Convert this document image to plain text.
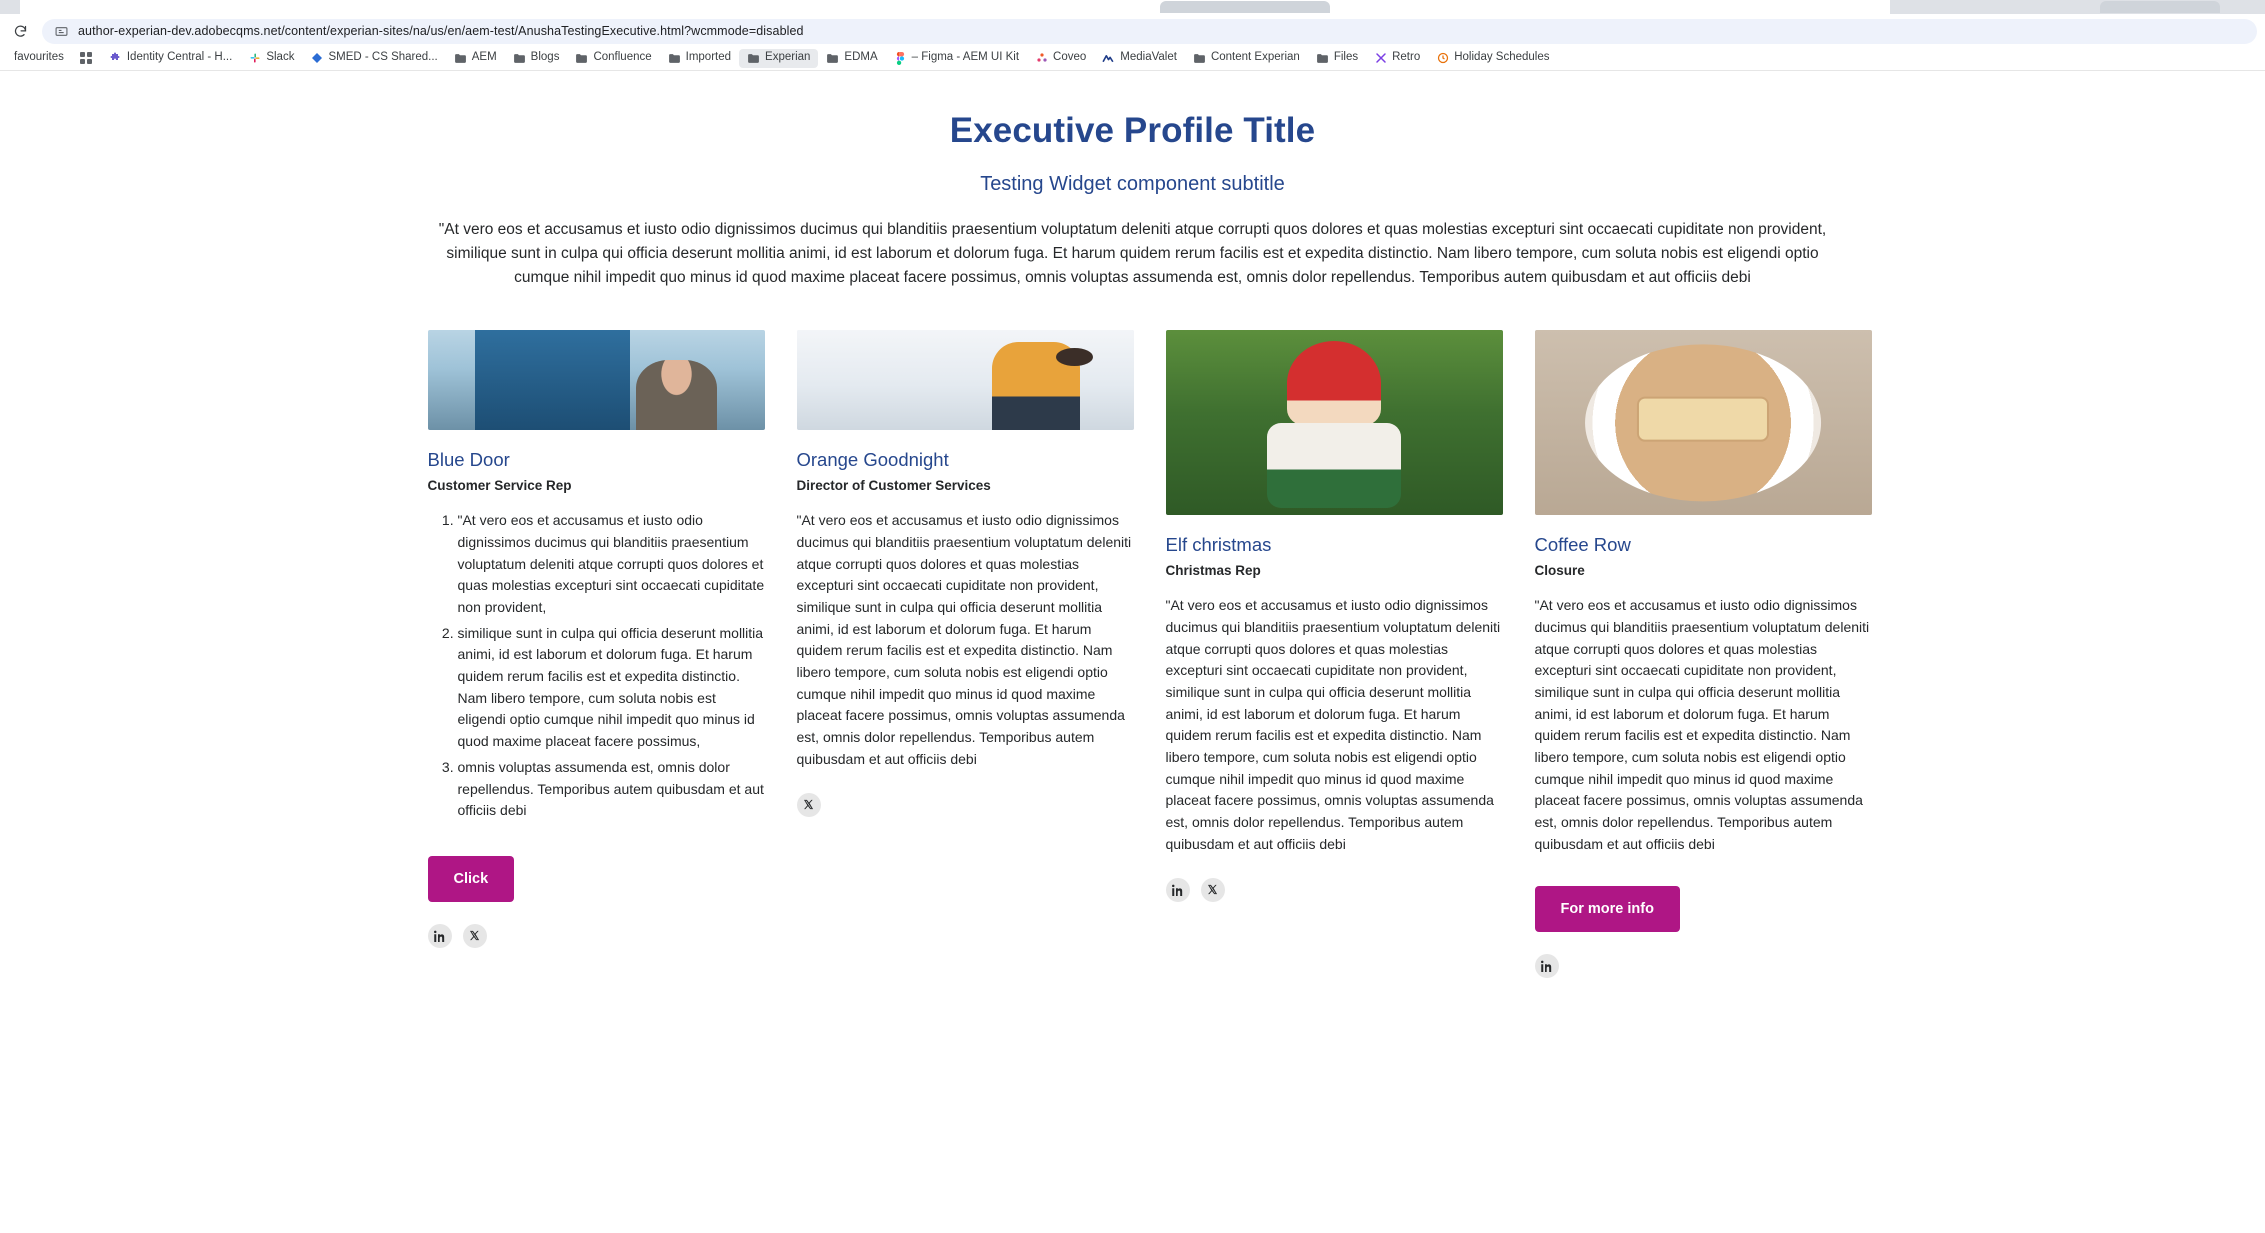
author-experian-dev.adobecqms.net/content/experian-sites/na/us/en/aem-test/AnushaTestingExecutive.html?wcmmode=disabled
favourites	Identity Central - H...	Slack	SMED - CS Shared...	AEM	Blogs	Confluence	Imported	Experian	EDMA	– Figma - AEM UI Kit	Coveo	MediaValet	Content Experian	Files	Retro	Holiday Schedules
Executive Profile Title
Testing Widget component subtitle
"At vero eos et accusamus et iusto odio dignissimos ducimus qui blanditiis praesentium voluptatum deleniti atque corrupti quos dolores et quas molestias excepturi sint occaecati cupiditate non provident, similique sunt in culpa qui officia deserunt mollitia animi, id est laborum et dolorum fuga. Et harum quidem rerum facilis est et expedita distinctio. Nam libero tempore, cum soluta nobis est eligendi optio cumque nihil impedit quo minus id quod maxime placeat facere possimus, omnis voluptas assumenda est, omnis dolor repellendus. Temporibus autem quibusdam et aut officiis debi
Blue Door
Customer Service Rep
1. "At vero eos et accusamus et iusto odio dignissimos ducimus qui blanditiis praesentium voluptatum deleniti atque corrupti quos dolores et quas molestias excepturi sint occaecati cupiditate non provident,
2. similique sunt in culpa qui officia deserunt mollitia animi, id est laborum et dolorum fuga. Et harum quidem rerum facilis est et expedita distinctio. Nam libero tempore, cum soluta nobis est eligendi optio cumque nihil impedit quo minus id quod maxime placeat facere possimus,
3. omnis voluptas assumenda est, omnis dolor repellendus. Temporibus autem quibusdam et aut officiis debi
Click
Orange Goodnight
Director of Customer Services
"At vero eos et accusamus et iusto odio dignissimos ducimus qui blanditiis praesentium voluptatum deleniti atque corrupti quos dolores et quas molestias excepturi sint occaecati cupiditate non provident, similique sunt in culpa qui officia deserunt mollitia animi, id est laborum et dolorum fuga. Et harum quidem rerum facilis est et expedita distinctio. Nam libero tempore, cum soluta nobis est eligendi optio cumque nihil impedit quo minus id quod maxime placeat facere possimus, omnis voluptas assumenda est, omnis dolor repellendus. Temporibus autem quibusdam et aut officiis debi
Elf christmas
Christmas Rep
"At vero eos et accusamus et iusto odio dignissimos ducimus qui blanditiis praesentium voluptatum deleniti atque corrupti quos dolores et quas molestias excepturi sint occaecati cupiditate non provident, similique sunt in culpa qui officia deserunt mollitia animi, id est laborum et dolorum fuga. Et harum quidem rerum facilis est et expedita distinctio. Nam libero tempore, cum soluta nobis est eligendi optio cumque nihil impedit quo minus id quod maxime placeat facere possimus, omnis voluptas assumenda est, omnis dolor repellendus. Temporibus autem quibusdam et aut officiis debi
Coffee Row
Closure
"At vero eos et accusamus et iusto odio dignissimos ducimus qui blanditiis praesentium voluptatum deleniti atque corrupti quos dolores et quas molestias excepturi sint occaecati cupiditate non provident, similique sunt in culpa qui officia deserunt mollitia animi, id est laborum et dolorum fuga. Et harum quidem rerum facilis est et expedita distinctio. Nam libero tempore, cum soluta nobis est eligendi optio cumque nihil impedit quo minus id quod maxime placeat facere possimus, omnis voluptas assumenda est, omnis dolor repellendus. Temporibus autem quibusdam et aut officiis debi
For more info
